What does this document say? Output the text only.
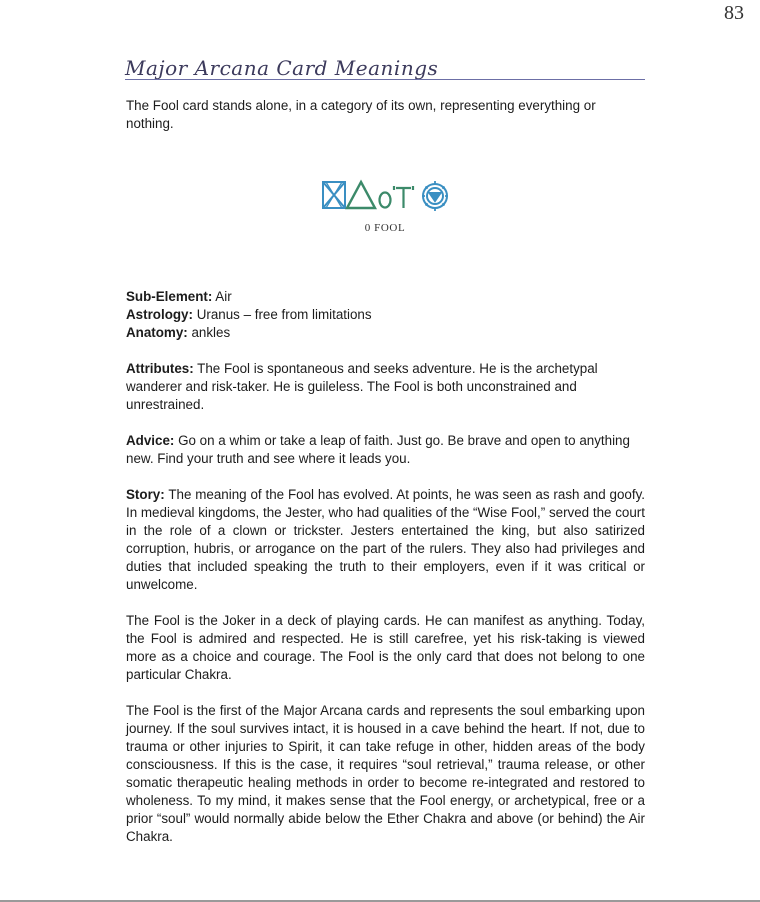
83
Major Arcana Card Meanings
The Fool card stands alone, in a category of its own, representing everything or nothing.
0 FOOL

Sub-Element: Air

Astrology: Uranus – free from limitations

Anatomy: ankles

Attributes: The Fool is spontaneous and seeks adventure. He is the archetypal wanderer and risk-taker. He is guileless. The Fool is both unconstrained and unrestrained.

Advice: Go on a whim or take a leap of faith. Just go. Be brave and open to anything new. Find your truth and see where it leads you.

Story: The meaning of the Fool has evolved. At points, he was seen as rash and goofy. In medieval kingdoms, the Jester, who had qualities of the “Wise Fool,” served the court in the role of a clown or trickster. Jesters entertained the king, but also satirized corruption, hubris, or arrogance on the part of the rulers. They also had privileges and duties that included speaking the truth to their employers, even if it was critical or unwelcome.

The Fool is the Joker in a deck of playing cards. He can manifest as anything. Today, the Fool is admired and respected. He is still carefree, yet his risk-taking is viewed more as a choice and courage. The Fool is the only card that does not belong to one particular Chakra.

The Fool is the first of the Major Arcana cards and represents the soul embarking upon journey. If the soul survives intact, it is housed in a cave behind the heart. If not, due to trauma or other injuries to Spirit, it can take refuge in other, hidden areas of the body consciousness. If this is the case, it requires “soul retrieval,” trauma release, or other somatic therapeutic healing methods in order to become re-integrated and restored to wholeness. To my mind, it makes sense that the Fool energy, or archetypical, free or a prior “soul” would normally abide below the Ether Chakra and above (or behind) the Air Chakra.
